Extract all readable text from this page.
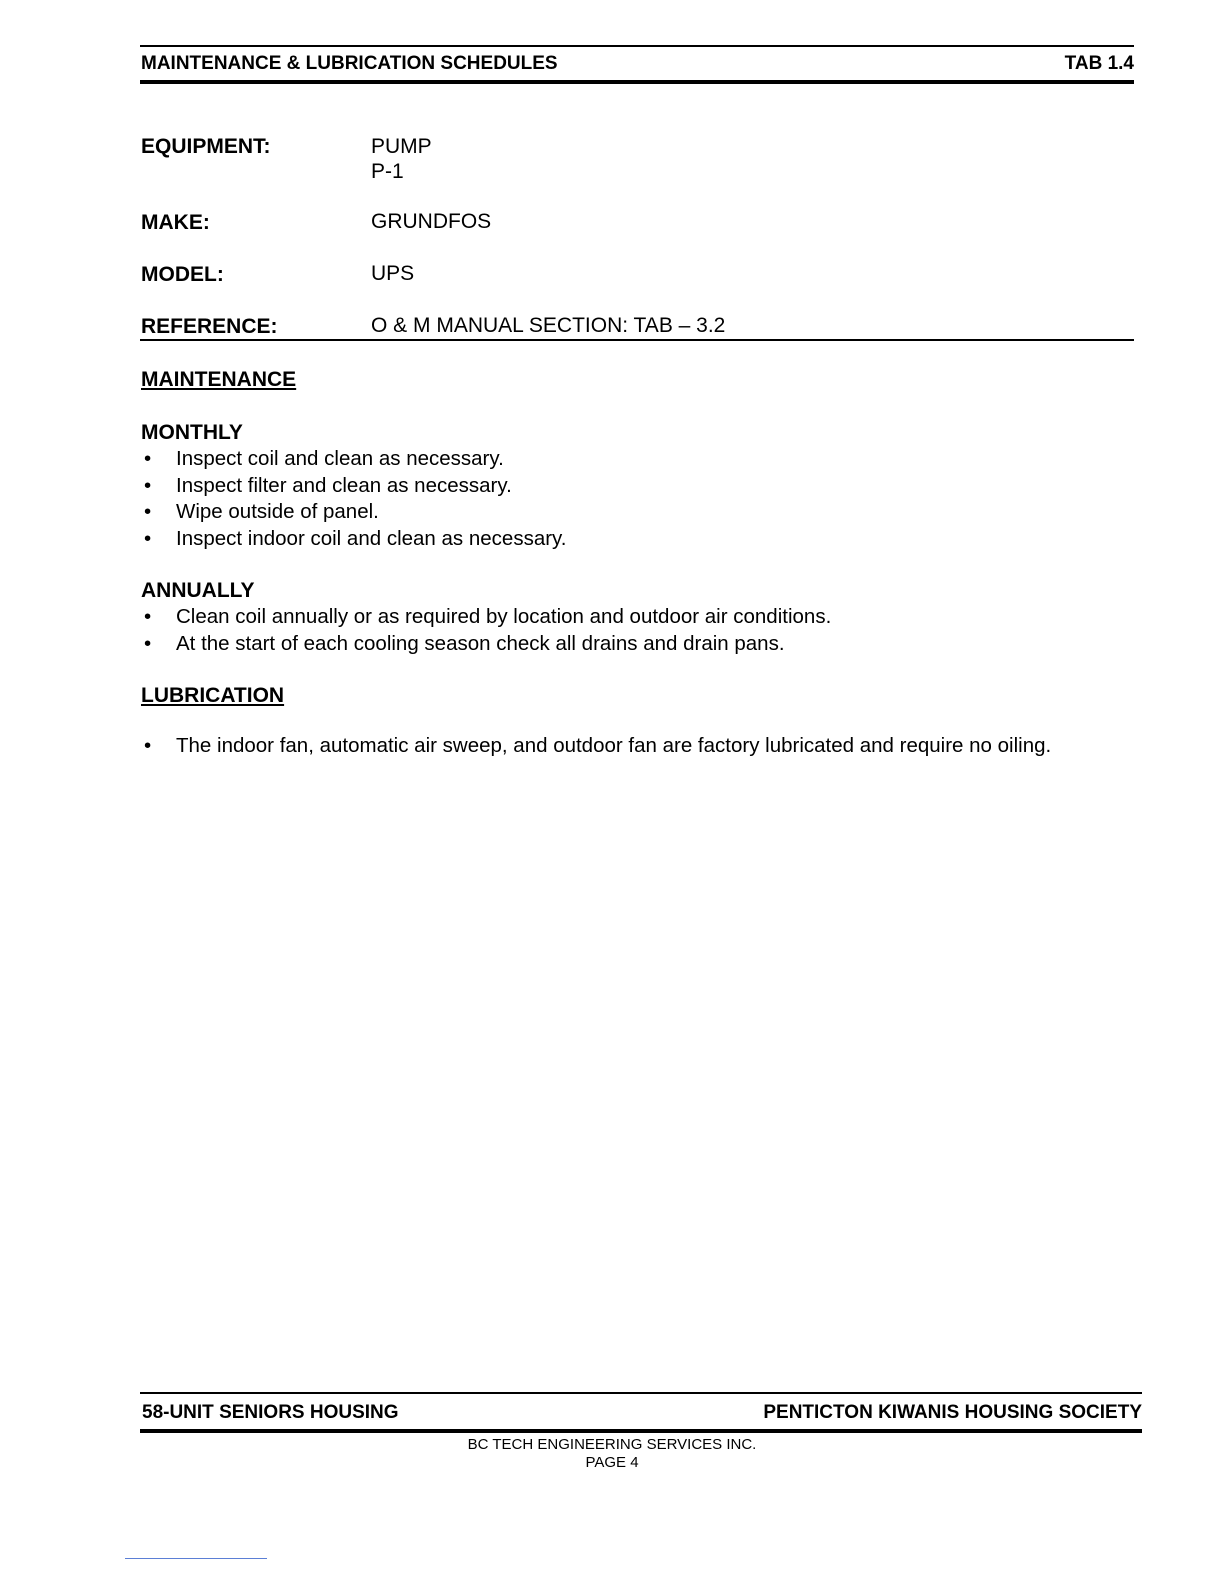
MAINTENANCE & LUBRICATION SCHEDULES	TAB 1.4
EQUIPMENT:	PUMP
P-1
MAKE:	GRUNDFOS
MODEL:	UPS
REFERENCE:	O & M MANUAL SECTION: TAB – 3.2
MAINTENANCE
MONTHLY
• Inspect coil and clean as necessary.
• Inspect filter and clean as necessary.
• Wipe outside of panel.
• Inspect indoor coil and clean as necessary.
ANNUALLY
• Clean coil annually or as required by location and outdoor air conditions.
• At the start of each cooling season check all drains and drain pans.
LUBRICATION
• The indoor fan, automatic air sweep, and outdoor fan are factory lubricated and require no oiling.
58-UNIT SENIORS HOUSING	PENTICTON KIWANIS HOUSING SOCIETY
BC TECH ENGINEERING SERVICES INC.
PAGE 4
